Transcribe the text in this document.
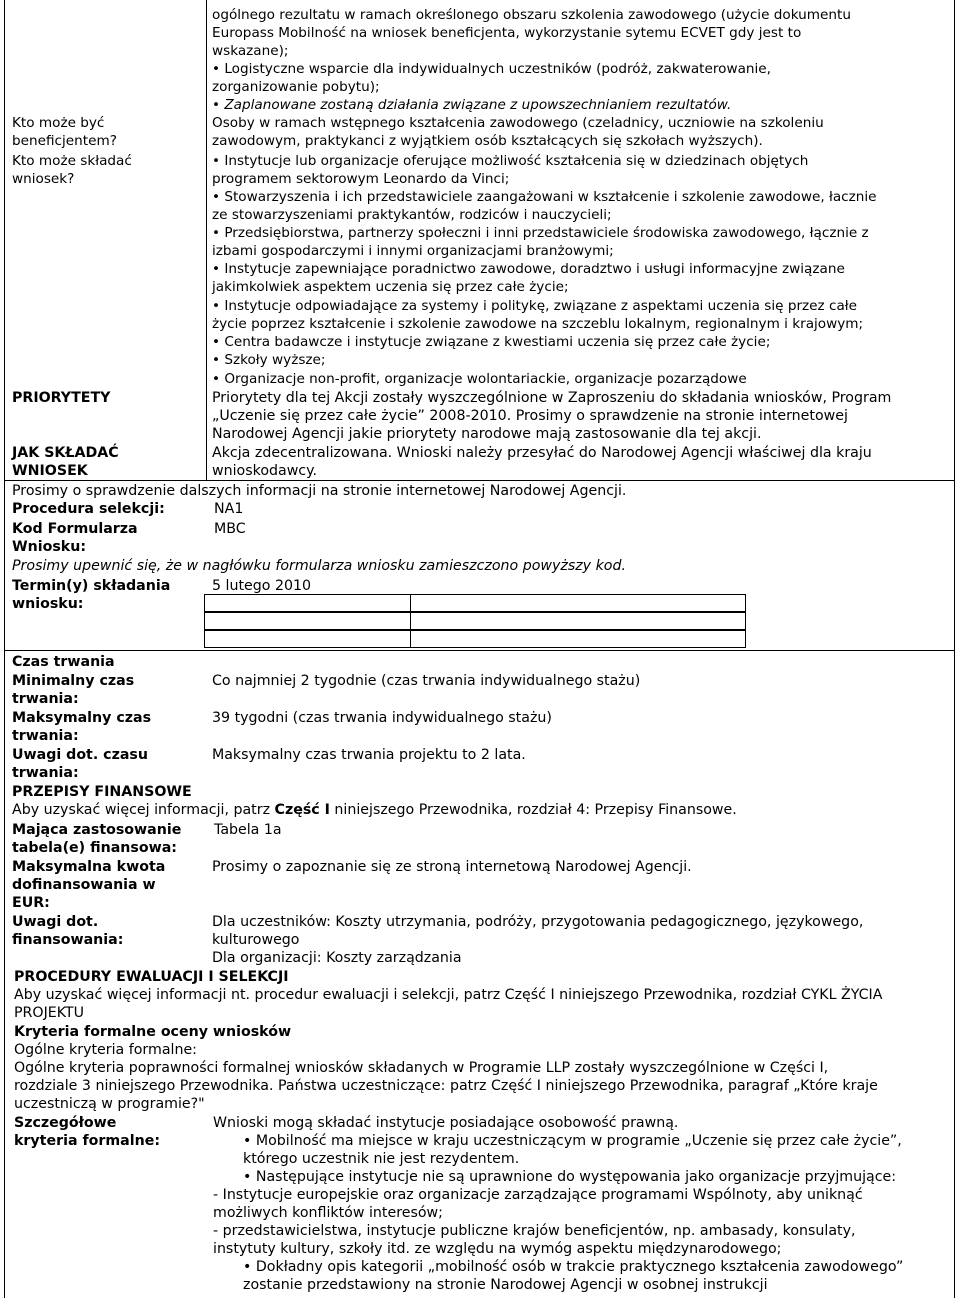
ogólnego rezultatu w ramach określonego obszaru szkolenia zawodowego (użycie dokumentu
Europass Mobilność na wniosek beneficjenta, wykorzystanie sytemu ECVET gdy jest to
wskazane);
• Logistyczne wsparcie dla indywidualnych uczestników (podróż, zakwaterowanie,
zorganizowanie pobytu);
• Zaplanowane zostaną działania związane z upowszechnianiem rezultatów.
Kto może być
beneficjentem?
Osoby w ramach wstępnego kształcenia zawodowego (czeladnicy, uczniowie na szkoleniu
zawodowym, praktykanci z wyjątkiem osób kształcących się szkołach wyższych).
Kto może składać
wniosek?
• Instytucje lub organizacje oferujące możliwość kształcenia się w dziedzinach objętych
programem sektorowym Leonardo da Vinci;
• Stowarzyszenia i ich przedstawiciele zaangażowani w kształcenie i szkolenie zawodowe, łacznie
ze stowarzyszeniami praktykantów, rodziców i nauczycieli;
• Przedsiębiorstwa, partnerzy społeczni i inni przedstawiciele środowiska zawodowego, łącznie z
izbami gospodarczymi i innymi organizacjami branżowymi;
• Instytucje zapewniające poradnictwo zawodowe, doradztwo i usługi informacyjne związane
jakimkolwiek aspektem uczenia się przez całe życie;
• Instytucje odpowiadające za systemy i politykę, związane z aspektami uczenia się przez całe
życie poprzez kształcenie i szkolenie zawodowe na szczeblu lokalnym, regionalnym i krajowym;
• Centra badawcze i instytucje związane z kwestiami uczenia się przez całe życie;
• Szkoły wyższe;
• Organizacje non-profit, organizacje wolontariackie, organizacje pozarządowe
PRIORYTETY	Priorytety dla tej Akcji zostały wyszczególnione w Zaproszeniu do składania wniosków, Program
„Uczenie się przez całe życie” 2008-2010. Prosimy o sprawdzenie na stronie internetowej
Narodowej Agencji jakie priorytety narodowe mają zastosowanie dla tej akcji.
JAK SKŁADAĆ
WNIOSEK
Akcja zdecentralizowana. Wnioski należy przesyłać do Narodowej Agencji właściwej dla kraju
wnioskodawcy.
Prosimy o sprawdzenie dalszych informacji na stronie internetowej Narodowej Agencji.
Procedura selekcji:	NA1
Kod Formularza
Wniosku:
MBC
Prosimy upewnić się, że w nagłówku formularza wniosku zamieszczono powyższy kod.
Termin(y) składania
wniosku:
5 lutego 2010
Czas trwania
Minimalny czas
trwania:
Co najmniej 2 tygodnie (czas trwania indywidualnego stażu)
Maksymalny czas
trwania:
39 tygodni (czas trwania indywidualnego stażu)
Uwagi dot. czasu
trwania:
Maksymalny czas trwania projektu to 2 lata.
PRZEPISY FINANSOWE
Aby uzyskać więcej informacji, patrz Część I niniejszego Przewodnika, rozdział 4: Przepisy Finansowe.
Mająca zastosowanie
tabela(e) finansowa:
Tabela 1a
Maksymalna kwota
dofinansowania w
EUR:
Prosimy o zapoznanie się ze stroną internetową Narodowej Agencji.
Uwagi dot.
finansowania:
Dla uczestników: Koszty utrzymania, podróży, przygotowania pedagogicznego, językowego,
kulturowego
Dla organizacji: Koszty zarządzania
PROCEDURY EWALUACJI I SELEKCJI
Aby uzyskać więcej informacji nt. procedur ewaluacji i selekcji, patrz Część I niniejszego Przewodnika, rozdział CYKL ŻYCIA
PROJEKTU
Kryteria formalne oceny wniosków
Ogólne kryteria formalne:
Ogólne kryteria poprawności formalnej wniosków składanych w Programie LLP zostały wyszczególnione w Części I,
rozdziale 3 niniejszego Przewodnika. Państwa uczestniczące: patrz Część I niniejszego Przewodnika, paragraf „Które kraje
uczestniczą w programie?"
Szczegółowe
kryteria formalne:
Wnioski mogą składać instytucje posiadające osobowość prawną.
• Mobilność ma miejsce w kraju uczestniczącym w programie „Uczenie się przez całe życie”,
którego uczestnik nie jest rezydentem.
• Następujące instytucje nie są uprawnione do występowania jako organizacje przyjmujące:
- Instytucje europejskie oraz organizacje zarządzające programami Wspólnoty, aby uniknąć
możliwych konfliktów interesów;
- przedstawicielstwa, instytucje publiczne krajów beneficjentów, np. ambasady, konsulaty,
instytuty kultury, szkoły itd. ze względu na wymóg aspektu międzynarodowego;
• Dokładny opis kategorii „mobilność osób w trakcie praktycznego kształcenia zawodowego”
zostanie przedstawiony na stronie Narodowej Agencji w osobnej instrukcji
